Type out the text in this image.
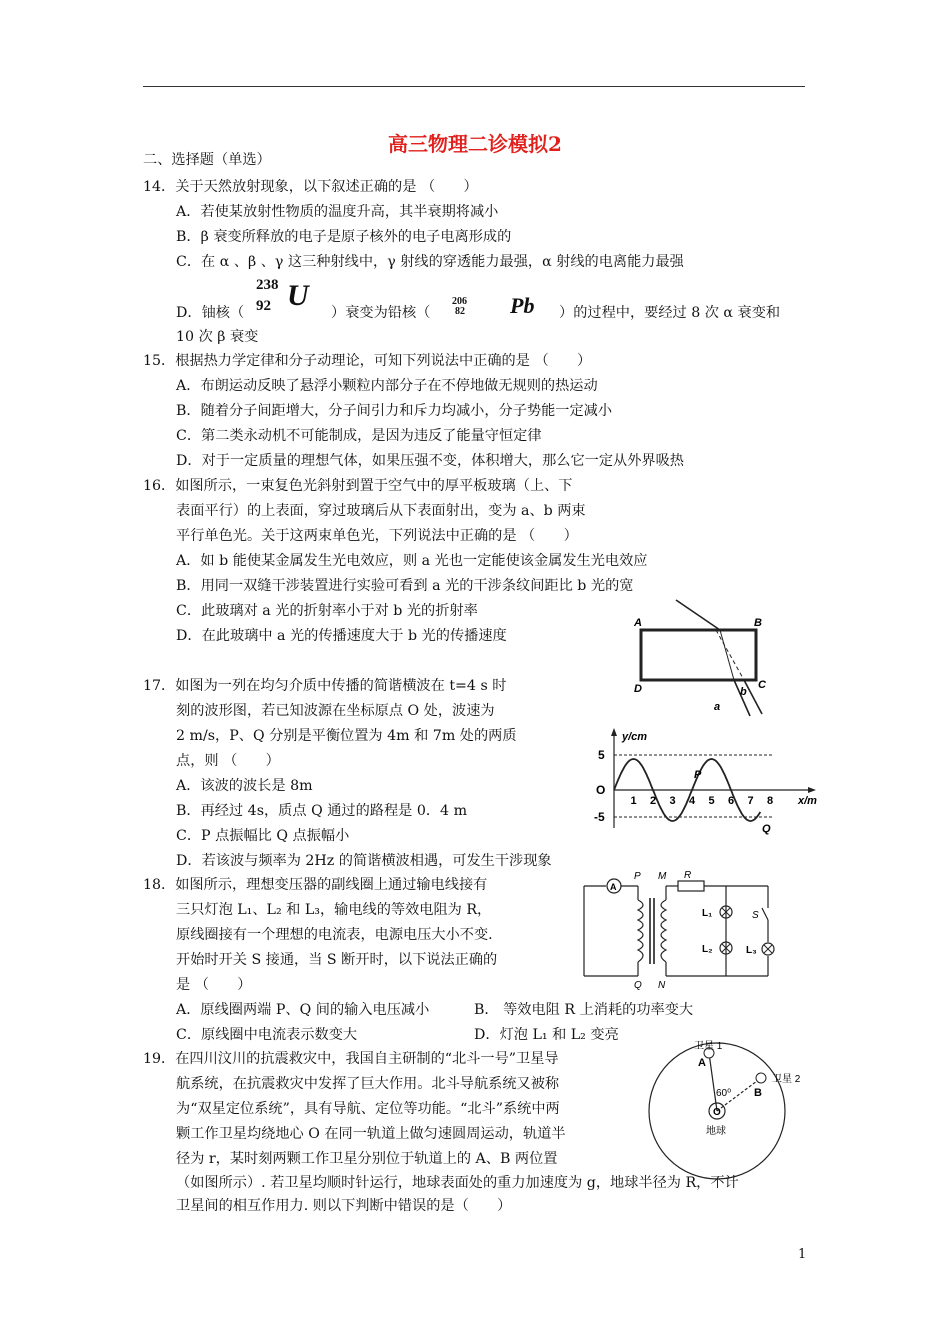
高三物理二诊模拟2
二、选择题（单选）
14．关于天然放射现象，以下叙述正确的是 （　　）
A．若使某放射性物质的温度升高，其半衰期将减小
B．β 衰变所释放的电子是原子核外的电子电离形成的
C．在 α 、β 、γ 这三种射线中，γ 射线的穿透能力最强，α 射线的电离能力最强
D．铀核（
238
92 U
）衰变为铅核（
206
82 Pb ）的过程中，要经过 8 次 α 衰变和
10 次 β 衰变
15．根据热力学定律和分子动理论，可知下列说法中正确的是 （　　）
A．布朗运动反映了悬浮小颗粒内部分子在不停地做无规则的热运动
B．随着分子间距增大，分子间引力和斥力均减小，分子势能一定减小
C．第二类永动机不可能制成，是因为违反了能量守恒定律
D．对于一定质量的理想气体，如果压强不变，体积增大，那么它一定从外界吸热
16．如图所示，一束复色光斜射到置于空气中的厚平板玻璃（上、下
表面平行）的上表面，穿过玻璃后从下表面射出，变为 a、b 两束
平行单色光。关于这两束单色光，下列说法中正确的是 （　　）
A．如 b 能使某金属发生光电效应，则 a 光也一定能使该金属发生光电效应
B．用同一双缝干涉装置进行实验可看到 a 光的干涉条纹间距比 b 光的宽
C．此玻璃对 a 光的折射率小于对 b 光的折射率
D．在此玻璃中 a 光的传播速度大于 b 光的传播速度
A	B
C
D
a
b
17．如图为一列在均匀介质中传播的简谐横波在 t=4 s 时
刻的波形图，若已知波源在坐标原点 O 处，波速为
2 m/s，P、Q 分别是平衡位置为 4m 和 7m 处的两质
点，则 （　　）
A．该波的波长是 8m
B．再经过 4s，质点 Q 通过的路程是 0．4 m
C．P 点振幅比 Q 点振幅小
D．若该波与频率为 2Hz 的简谐横波相遇，可发生干涉现象
y/cm
x/m
O
5
-5
P
Q
1 2 3 4 5 6 7 8
18．如图所示，理想变压器的副线圈上通过输电线接有
三只灯泡 L₁、L₂ 和 L₃，输电线的等效电阻为 R，
原线圈接有一个理想的电流表，电源电压大小不变.
开始时开关 S 接通，当 S 断开时，以下说法正确的
是 （　　）
A．原线圈两端 P、Q 间的输入电压减小	B． 等效电阻 R 上消耗的功率变大
C．原线圈中电流表示数变大	D．灯泡 L₁ 和 L₂ 变亮
A
P M R
Q N
L₁
L₂	L₃
S
19．在四川汶川的抗震救灾中，我国自主研制的“北斗一号”卫星导
航系统，在抗震救灾中发挥了巨大作用。北斗导航系统又被称
为“双星定位系统”，具有导航、定位等功能。“北斗”系统中两
颗工作卫星均绕地心 O 在同一轨道上做匀速圆周运动，轨道半
径为 r，某时刻两颗工作卫星分别位于轨道上的 A、B 两位置
（如图所示）. 若卫星均顺时针运行，地球表面处的重力加速度为 g，地球半径为 R，不计
卫星间的相互作用力. 则以下判断中错误的是（　　）
卫星 1
卫星 2
A
B
O
60⁰
地球
1
